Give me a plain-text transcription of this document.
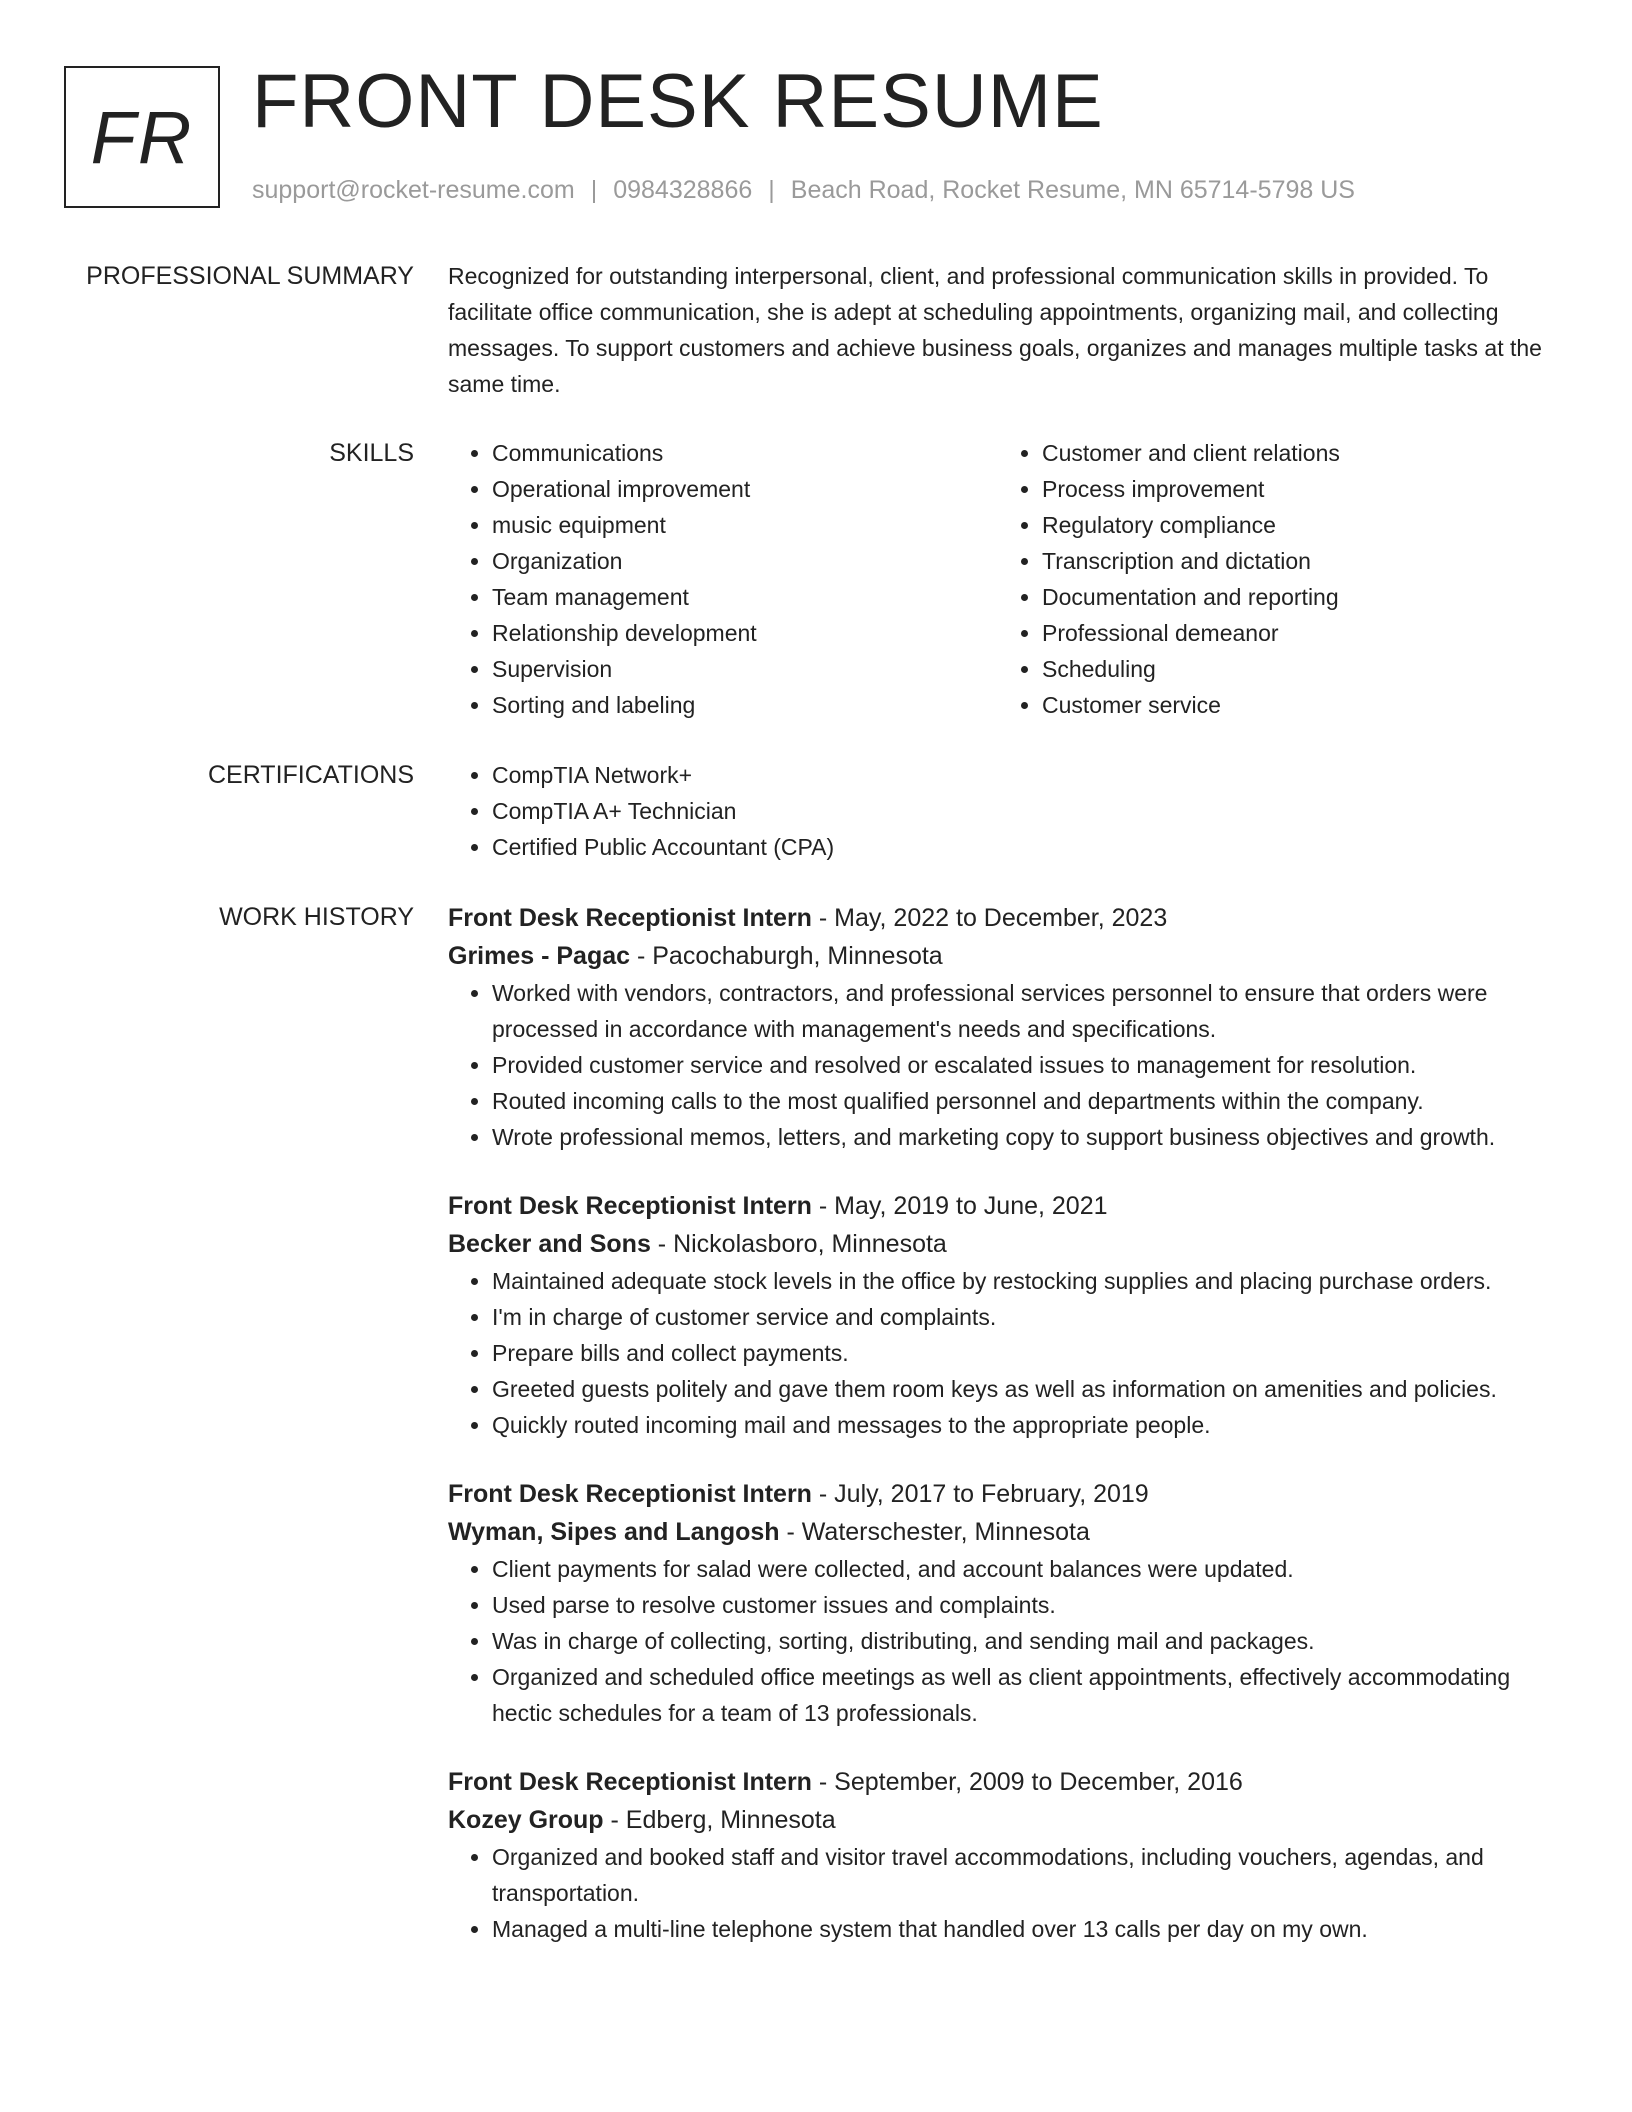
FR FRONT DESK RESUME
support@rocket-resume.com | 0984328866 | Beach Road, Rocket Resume, MN 65714-5798 US
PROFESSIONAL SUMMARY Recognized for outstanding interpersonal, client, and professional communication skills in provided. To facilitate office communication, she is adept at scheduling appointments, organizing mail, and collecting messages. To support customers and achieve business goals, organizes and manages multiple tasks at the same time.

SKILLS	• Communications
• Operational improvement
• music equipment
• Organization
• Team management
• Relationship development
• Supervision
• Sorting and labeling
• Customer and client relations
• Process improvement
• Regulatory compliance
• Transcription and dictation
• Documentation and reporting
• Professional demeanor
• Scheduling
• Customer service
CERTIFICATIONS	• CompTIA Network+
• CompTIA A+ Technician
• Certified Public Accountant (CPA)
WORK HISTORY Front Desk Receptionist Intern - May, 2022 to December, 2023
Grimes - Pagac - Pacochaburgh, Minnesota
• Worked with vendors, contractors, and professional services personnel to ensure that orders were processed in accordance with management's needs and specifications.
• Provided customer service and resolved or escalated issues to management for resolution.
• Routed incoming calls to the most qualified personnel and departments within the company.
• Wrote professional memos, letters, and marketing copy to support business objectives and growth.
Front Desk Receptionist Intern - May, 2019 to June, 2021
Becker and Sons - Nickolasboro, Minnesota
• Maintained adequate stock levels in the office by restocking supplies and placing purchase orders.
• I'm in charge of customer service and complaints.
• Prepare bills and collect payments.
• Greeted guests politely and gave them room keys as well as information on amenities and policies.
• Quickly routed incoming mail and messages to the appropriate people.
Front Desk Receptionist Intern - July, 2017 to February, 2019
Wyman, Sipes and Langosh - Waterschester, Minnesota
• Client payments for salad were collected, and account balances were updated.
• Used parse to resolve customer issues and complaints.
• Was in charge of collecting, sorting, distributing, and sending mail and packages.
• Organized and scheduled office meetings as well as client appointments, effectively accommodating hectic schedules for a team of 13 professionals.
Front Desk Receptionist Intern - September, 2009 to December, 2016
Kozey Group - Edberg, Minnesota
• Organized and booked staff and visitor travel accommodations, including vouchers, agendas, and transportation.
• Managed a multi-line telephone system that handled over 13 calls per day on my own.
